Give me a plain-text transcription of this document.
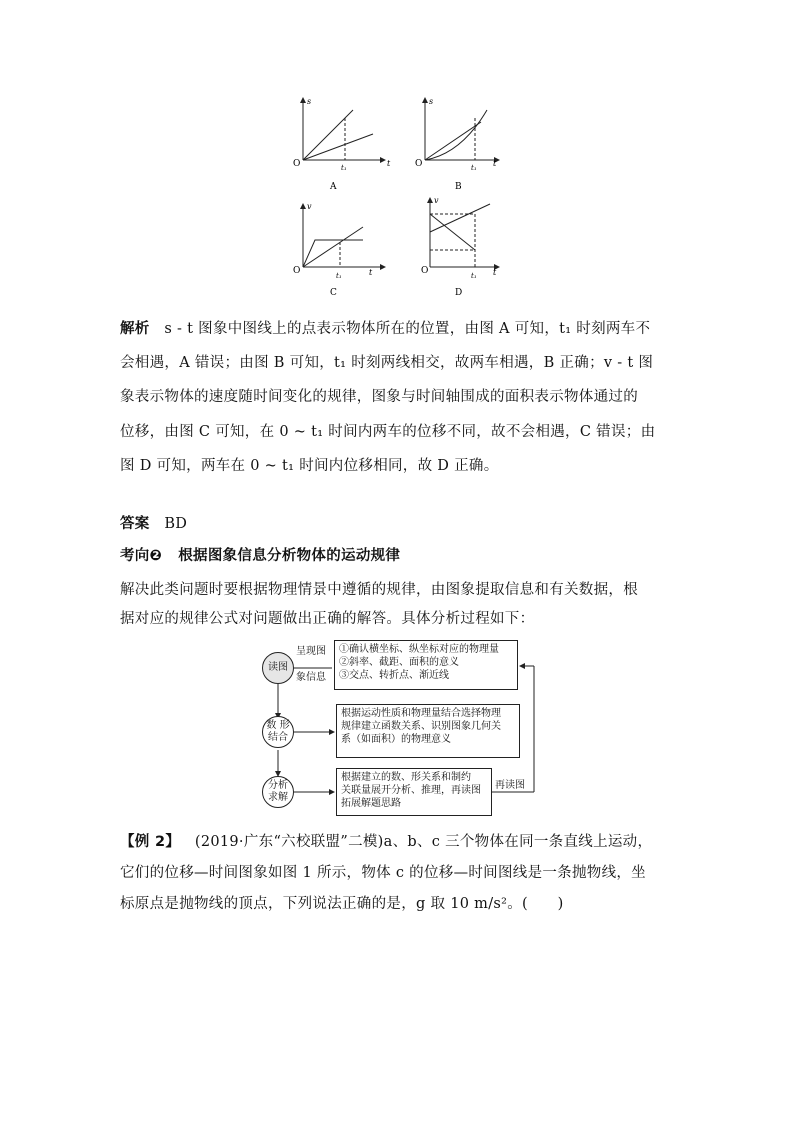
s
O	t
t₁
A
s
O	t
t₁
B
v
O	t
t₁
C
v
O	t
t₁
D
解析 s - t 图象中图线上的点表示物体所在的位置，由图 A 可知，t₁ 时刻两车不
会相遇，A 错误；由图 B 可知，t₁ 时刻两线相交，故两车相遇，B 正确；v - t 图
象表示物体的速度随时间变化的规律，图象与时间轴围成的面积表示物体通过的
位移，由图 C 可知，在 0 ~ t₁ 时间内两车的位移不同，故不会相遇，C 错误；由
图 D 可知，两车在 0 ~ t₁ 时间内位移相同，故 D 正确。
答案 BD
考向❷ 根据图象信息分析物体的运动规律
解决此类问题时要根据物理情景中遵循的规律，由图象提取信息和有关数据，根
据对应的规律公式对问题做出正确的解答。具体分析过程如下：
读图
呈现图
象信息
①确认横坐标、纵坐标对应的物理量
②斜率、截距、面积的意义
③交点、转折点、渐近线
数 形
结合
根据运动性质和物理量结合选择物理
规律建立函数关系、识别图象几何关
系（如面积）的物理意义
分析
求解
根据建立的数、形关系和制约
关联量展开分析、推理，再读图
拓展解题思路
再读图
【例 2】 (2019·广东“六校联盟”二模)a、b、c 三个物体在同一条直线上运动，
它们的位移—时间图象如图 1 所示，物体 c 的位移—时间图线是一条抛物线，坐
标原点是抛物线的顶点，下列说法正确的是，g 取 10 m/s²。(　　)
